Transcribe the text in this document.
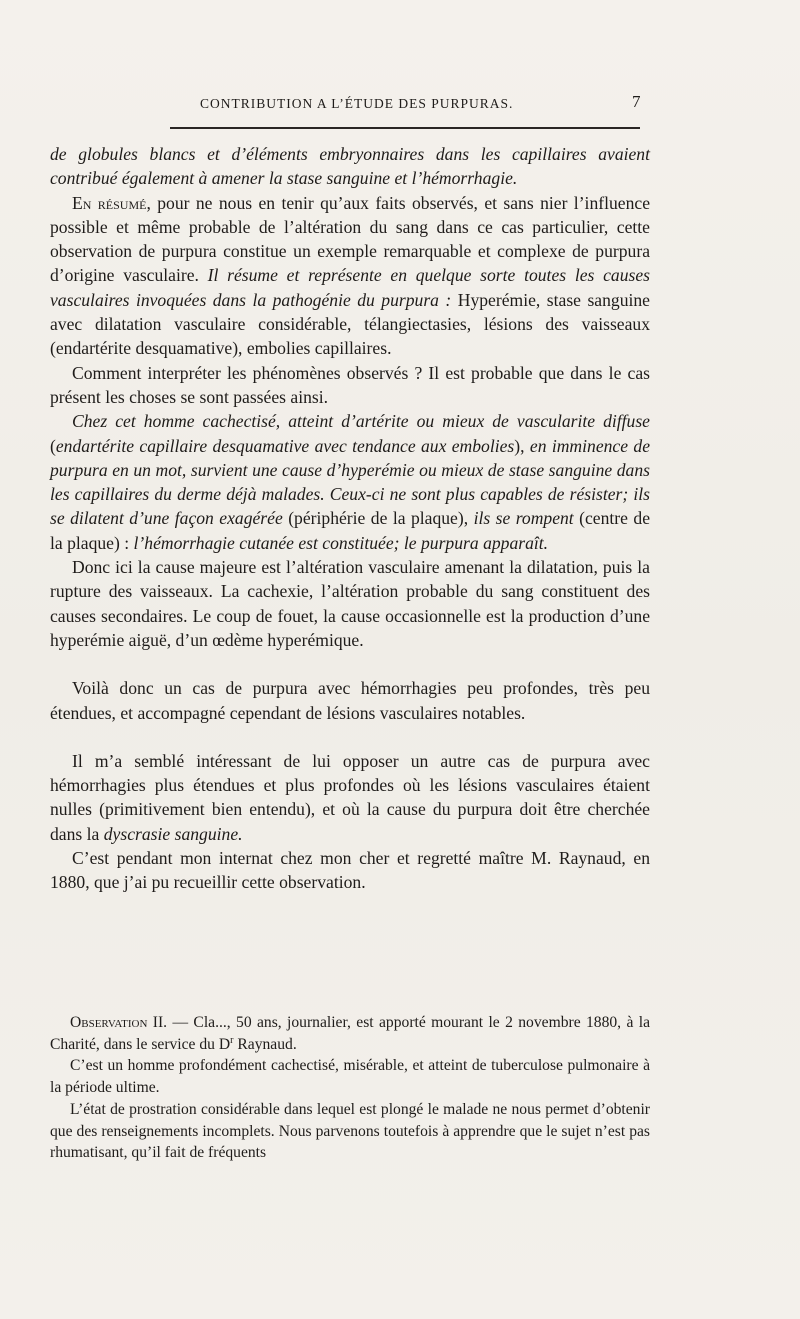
CONTRIBUTION A L’ÉTUDE DES PURPURAS.	7

de globules blancs et d’éléments embryonnaires dans les capillaires avaient contribué également à amener la stase sanguine et l’hémorrhagie.

En résumé, pour ne nous en tenir qu’aux faits observés, et sans nier l’influence possible et même probable de l’altération du sang dans ce cas particulier, cette observation de purpura constitue un exemple remarquable et complexe de purpura d’origine vasculaire. Il résume et représente en quelque sorte toutes les causes vasculaires invoquées dans la pathogénie du purpura : Hyperémie, stase sanguine avec dilatation vasculaire considérable, télangiectasies, lésions des vaisseaux (endartérite desquamative), embolies capillaires.

Comment interpréter les phénomènes observés ? Il est probable que dans le cas présent les choses se sont passées ainsi.

Chez cet homme cachectisé, atteint d’artérite ou mieux de vascularite diffuse (endartérite capillaire desquamative avec tendance aux embolies), en imminence de purpura en un mot, survient une cause d’hyperémie ou mieux de stase sanguine dans les capillaires du derme déjà malades. Ceux-ci ne sont plus capables de résister; ils se dilatent d’une façon exagérée (périphérie de la plaque), ils se rompent (centre de la plaque) : l’hémorrhagie cutanée est constituée; le purpura apparaît.

Donc ici la cause majeure est l’altération vasculaire amenant la dilatation, puis la rupture des vaisseaux. La cachexie, l’altération probable du sang constituent des causes secondaires. Le coup de fouet, la cause occasionnelle est la production d’une hyperémie aiguë, d’un œdème hyperémique.

Voilà donc un cas de purpura avec hémorrhagies peu profondes, très peu étendues, et accompagné cependant de lésions vasculaires notables.

Il m’a semblé intéressant de lui opposer un autre cas de purpura avec hémorrhagies plus étendues et plus profondes où les lésions vasculaires étaient nulles (primitivement bien entendu), et où la cause du purpura doit être cherchée dans la dyscrasie sanguine.

C’est pendant mon internat chez mon cher et regretté maître M. Raynaud, en 1880, que j’ai pu recueillir cette observation.

Observation II. — Cla..., 50 ans, journalier, est apporté mourant le 2 novembre 1880, à la Charité, dans le service du $D^r$ Raynaud.

C’est un homme profondément cachectisé, misérable, et atteint de tuberculose pulmonaire à la période ultime.

L’état de prostration considérable dans lequel est plongé le malade ne nous permet d’obtenir que des renseignements incomplets. Nous parvenons toutefois à apprendre que le sujet n’est pas rhumatisant, qu’il fait de fréquents
